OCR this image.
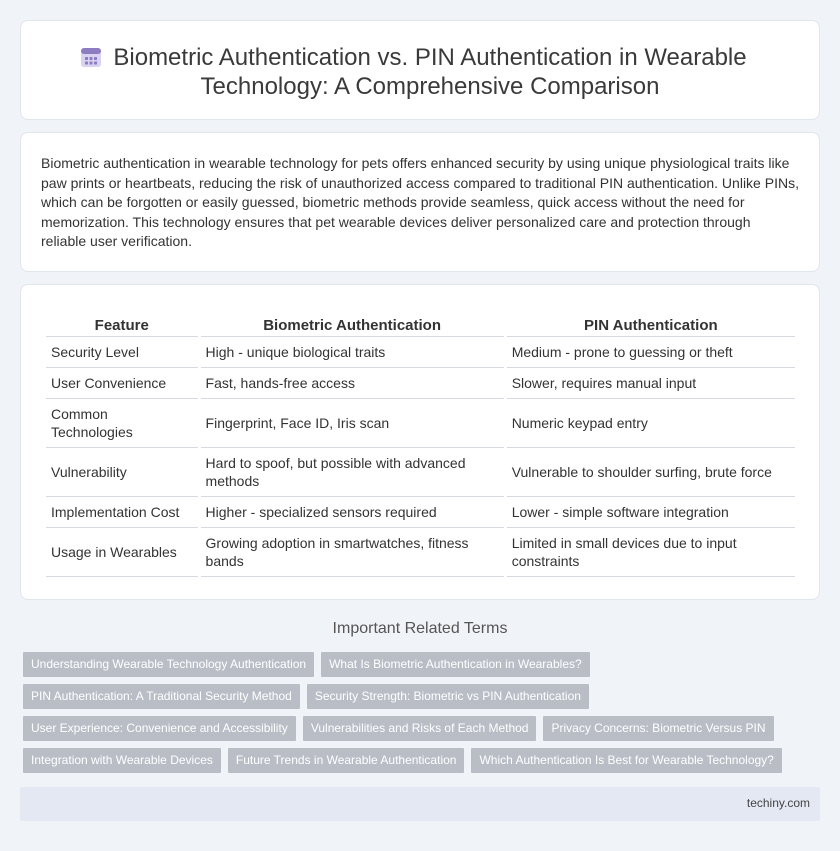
Biometric Authentication vs. PIN Authentication in Wearable Technology: A Comprehensive Comparison

Biometric authentication in wearable technology for pets offers enhanced security by using unique physiological traits like paw prints or heartbeats, reducing the risk of unauthorized access compared to traditional PIN authentication. Unlike PINs, which can be forgotten or easily guessed, biometric methods provide seamless, quick access without the need for memorization. This technology ensures that pet wearable devices deliver personalized care and protection through reliable user verification.

Feature	Biometric Authentication	PIN Authentication
Security Level	High - unique biological traits	Medium - prone to guessing or theft
User Convenience	Fast, hands-free access	Slower, requires manual input
Common Technologies	Fingerprint, Face ID, Iris scan	Numeric keypad entry
Vulnerability	Hard to spoof, but possible with advanced methods	Vulnerable to shoulder surfing, brute force
Implementation Cost	Higher - specialized sensors required	Lower - simple software integration
Usage in Wearables	Growing adoption in smartwatches, fitness bands	Limited in small devices due to input constraints
Important Related Terms
Understanding Wearable Technology Authentication	What Is Biometric Authentication in Wearables?
PIN Authentication: A Traditional Security Method	Security Strength: Biometric vs PIN Authentication
User Experience: Convenience and Accessibility	Vulnerabilities and Risks of Each Method	Privacy Concerns: Biometric Versus PIN
Integration with Wearable Devices	Future Trends in Wearable Authentication	Which Authentication Is Best for Wearable Technology?
techiny.com
